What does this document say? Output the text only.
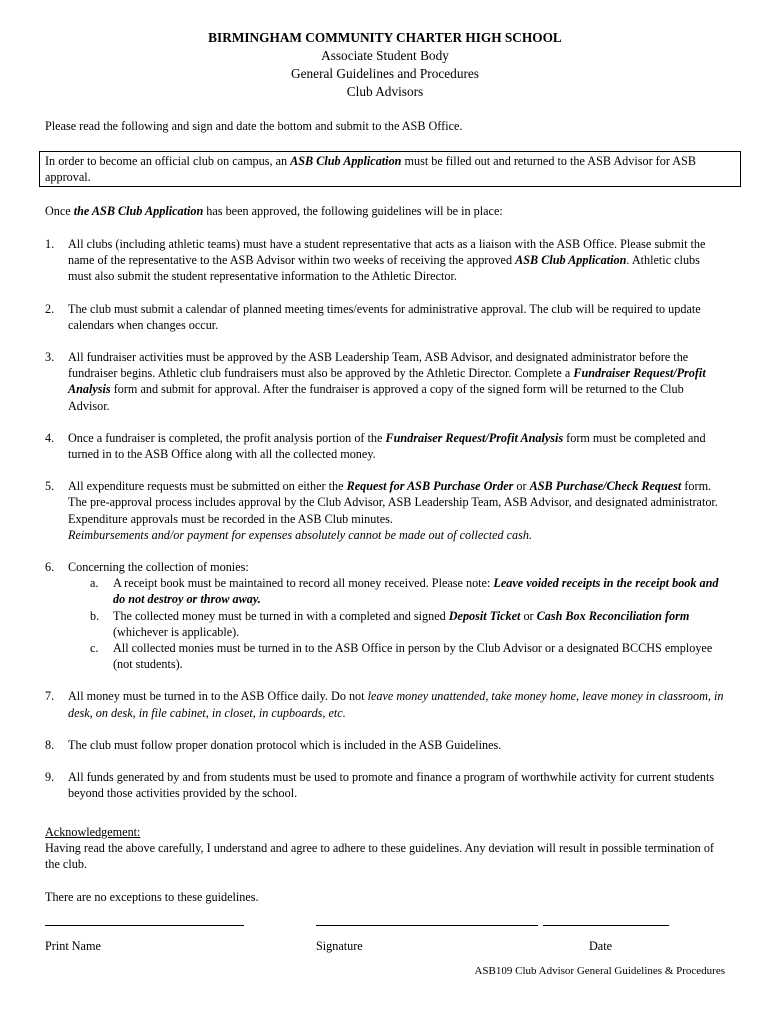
BIRMINGHAM COMMUNITY CHARTER HIGH SCHOOL
Associate Student Body
General Guidelines and Procedures
Club Advisors
Please read the following and sign and date the bottom and submit to the ASB Office.
In order to become an official club on campus, an ASB Club Application must be filled out and returned to the ASB Advisor for ASB approval.
Once the ASB Club Application has been approved, the following guidelines will be in place:
1. All clubs (including athletic teams) must have a student representative that acts as a liaison with the ASB Office. Please submit the name of the representative to the ASB Advisor within two weeks of receiving the approved ASB Club Application. Athletic clubs must also submit the student representative information to the Athletic Director.
2. The club must submit a calendar of planned meeting times/events for administrative approval. The club will be required to update calendars when changes occur.
3. All fundraiser activities must be approved by the ASB Leadership Team, ASB Advisor, and designated administrator before the fundraiser begins. Athletic club fundraisers must also be approved by the Athletic Director. Complete a Fundraiser Request/Profit Analysis form and submit for approval. After the fundraiser is approved a copy of the signed form will be returned to the Club Advisor.
4. Once a fundraiser is completed, the profit analysis portion of the Fundraiser Request/Profit Analysis form must be completed and turned in to the ASB Office along with all the collected money.
5. All expenditure requests must be submitted on either the Request for ASB Purchase Order or ASB Purchase/Check Request form. The pre-approval process includes approval by the Club Advisor, ASB Leadership Team, ASB Advisor, and designated administrator. Expenditure approvals must be recorded in the ASB Club minutes.
Reimbursements and/or payment for expenses absolutely cannot be made out of collected cash.
6. Concerning the collection of monies:
a. A receipt book must be maintained to record all money received. Please note: Leave voided receipts in the receipt book and do not destroy or throw away.
b. The collected money must be turned in with a completed and signed Deposit Ticket or Cash Box Reconciliation form (whichever is applicable).
c. All collected monies must be turned in to the ASB Office in person by the Club Advisor or a designated BCCHS employee (not students).
7. All money must be turned in to the ASB Office daily. Do not leave money unattended, take money home, leave money in classroom, in desk, on desk, in file cabinet, in closet, in cupboards, etc.
8. The club must follow proper donation protocol which is included in the ASB Guidelines.
9. All funds generated by and from students must be used to promote and finance a program of worthwhile activity for current students beyond those activities provided by the school.
Acknowledgement:
Having read the above carefully, I understand and agree to adhere to these guidelines. Any deviation will result in possible termination of the club.
There are no exceptions to these guidelines.
Print Name	Signature	Date
ASB109 Club Advisor General Guidelines & Procedures
